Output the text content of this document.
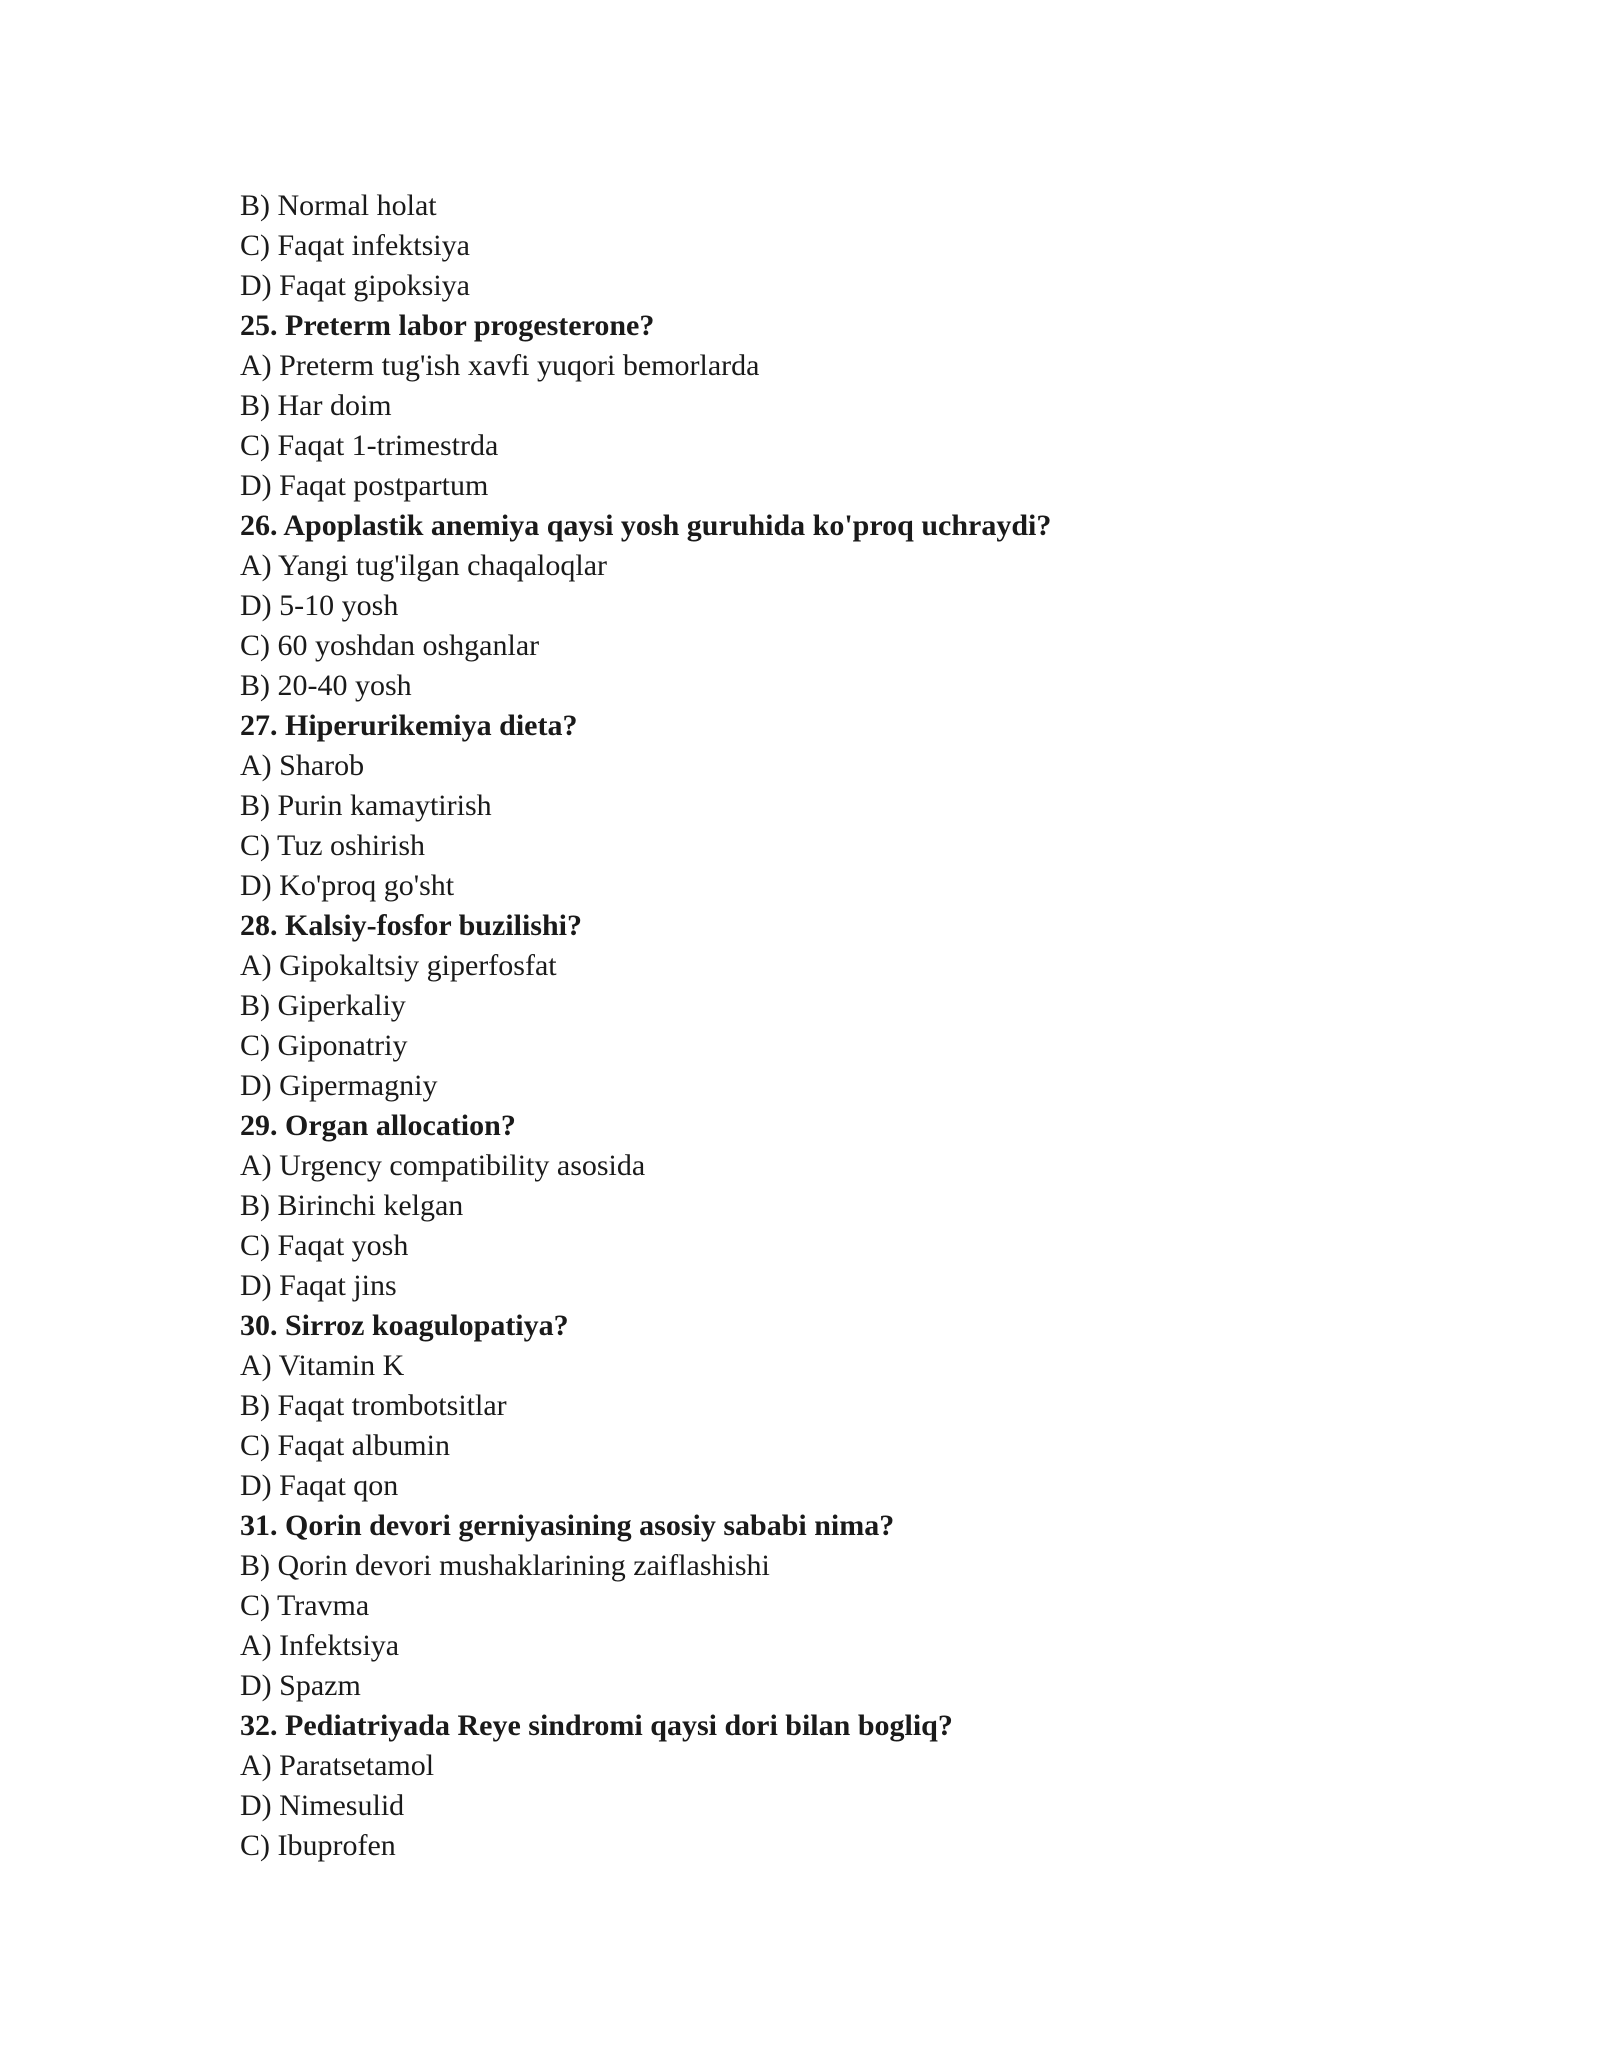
B) Normal holat
C) Faqat infektsiya
D) Faqat gipoksiya
25. Preterm labor progesterone?
A) Preterm tug'ish xavfi yuqori bemorlarda
B) Har doim
C) Faqat 1-trimestrda
D) Faqat postpartum
26. Apoplastik anemiya qaysi yosh guruhida ko'proq uchraydi?
A) Yangi tug'ilgan chaqaloqlar
D) 5-10 yosh
C) 60 yoshdan oshganlar
B) 20-40 yosh
27. Hiperurikemiya dieta?
A) Sharob
B) Purin kamaytirish
C) Tuz oshirish
D) Ko'proq go'sht
28. Kalsiy-fosfor buzilishi?
A) Gipokaltsiy giperfosfat
B) Giperkaliy
C) Giponatriy
D) Gipermagniy
29. Organ allocation?
A) Urgency compatibility asosida
B) Birinchi kelgan
C) Faqat yosh
D) Faqat jins
30. Sirroz koagulopatiya?
A) Vitamin K
B) Faqat trombotsitlar
C) Faqat albumin
D) Faqat qon
31. Qorin devori gerniyasining asosiy sababi nima?
B) Qorin devori mushaklarining zaiflashishi
C) Travma
A) Infektsiya
D) Spazm
32. Pediatriyada Reye sindromi qaysi dori bilan bogliq?
A) Paratsetamol
D) Nimesulid
C) Ibuprofen
